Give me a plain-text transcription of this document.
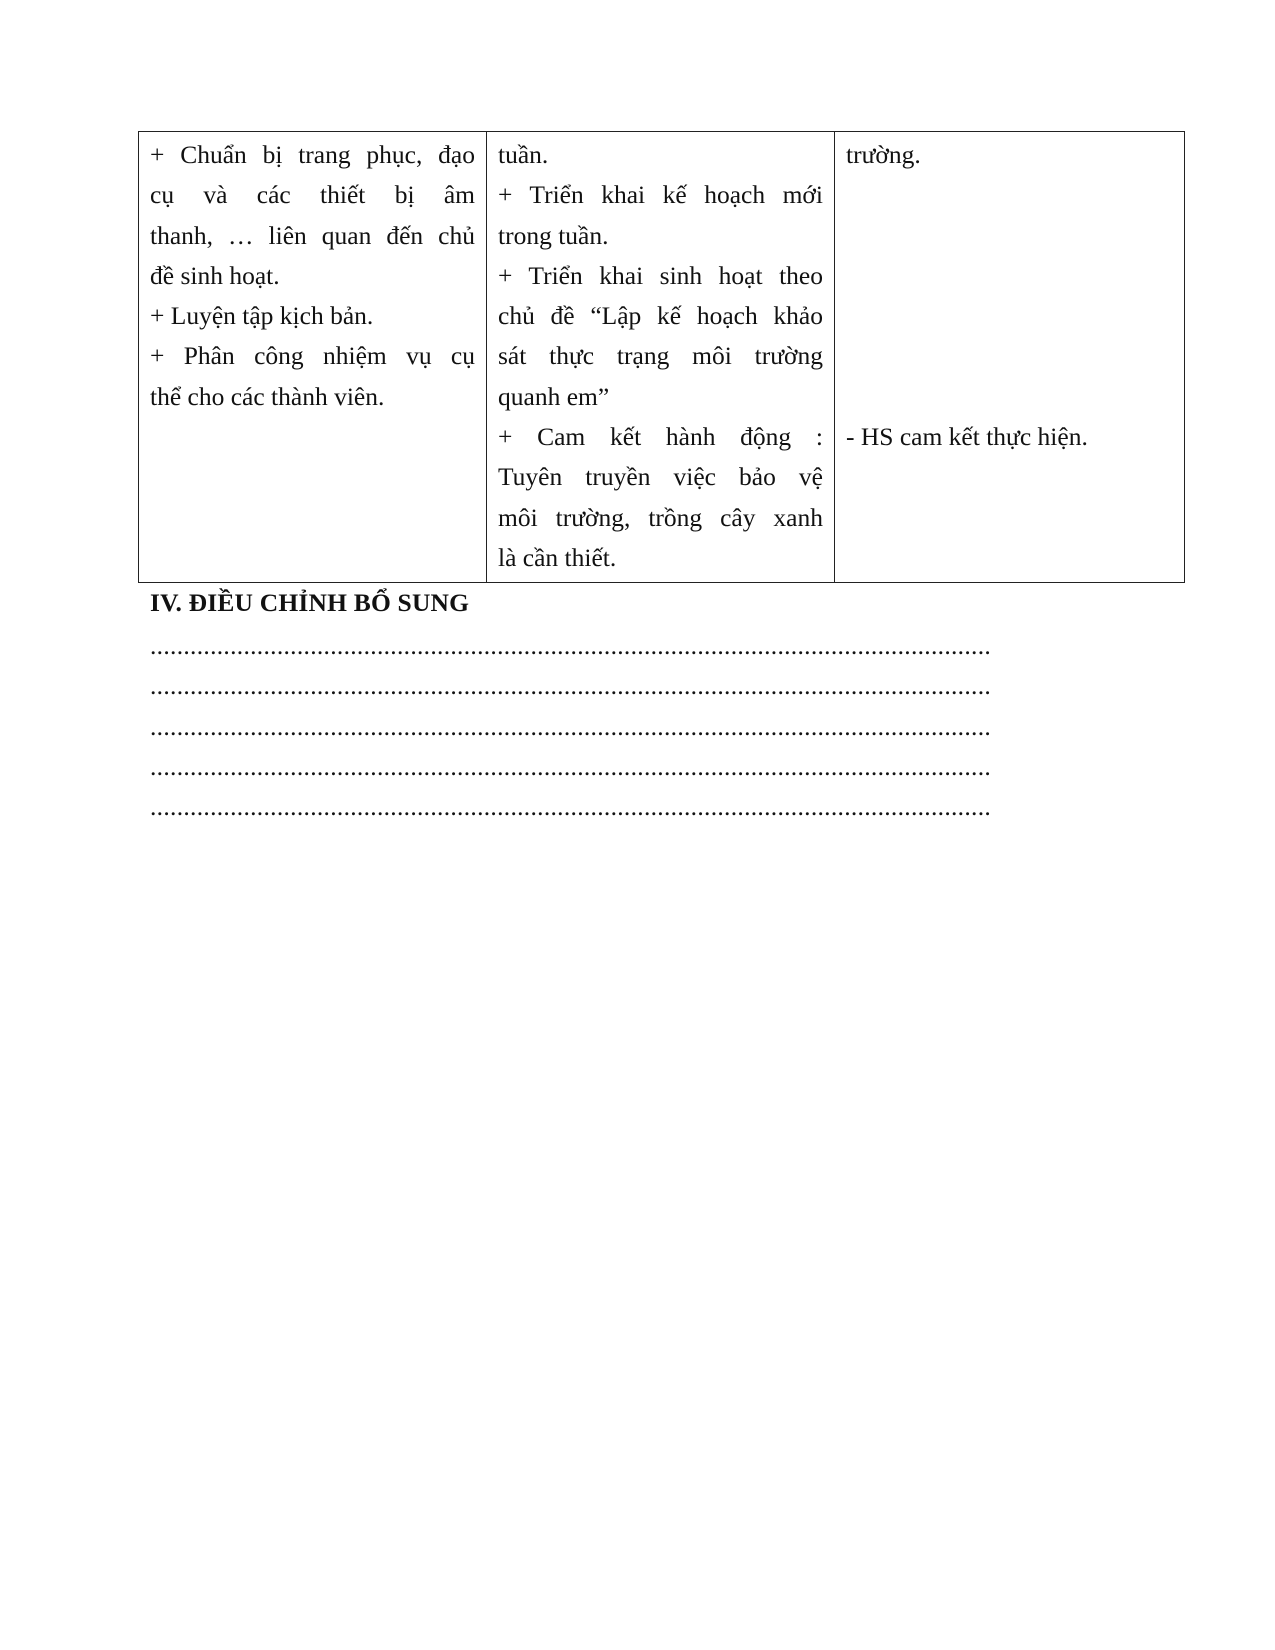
+ Chuẩn bị trang phục, đạo
cụ và các thiết bị âm
thanh, … liên quan đến chủ
đề sinh hoạt.
+ Luyện tập kịch bản.
+ Phân công nhiệm vụ cụ
thể cho các thành viên.

tuần.
+ Triển khai kế hoạch mới
trong tuần.
+ Triển khai sinh hoạt theo
chủ đề “Lập kế hoạch khảo
sát thực trạng môi trường
quanh em”
+ Cam kết hành động :
Tuyên truyền việc bảo vệ
môi trường, trồng cây xanh
là cần thiết.

trường.
- HS cam kết thực hiện.
IV. ĐIỀU CHỈNH BỔ SUNG
..............................................................................................................................
..............................................................................................................................
..............................................................................................................................
..............................................................................................................................
..............................................................................................................................
